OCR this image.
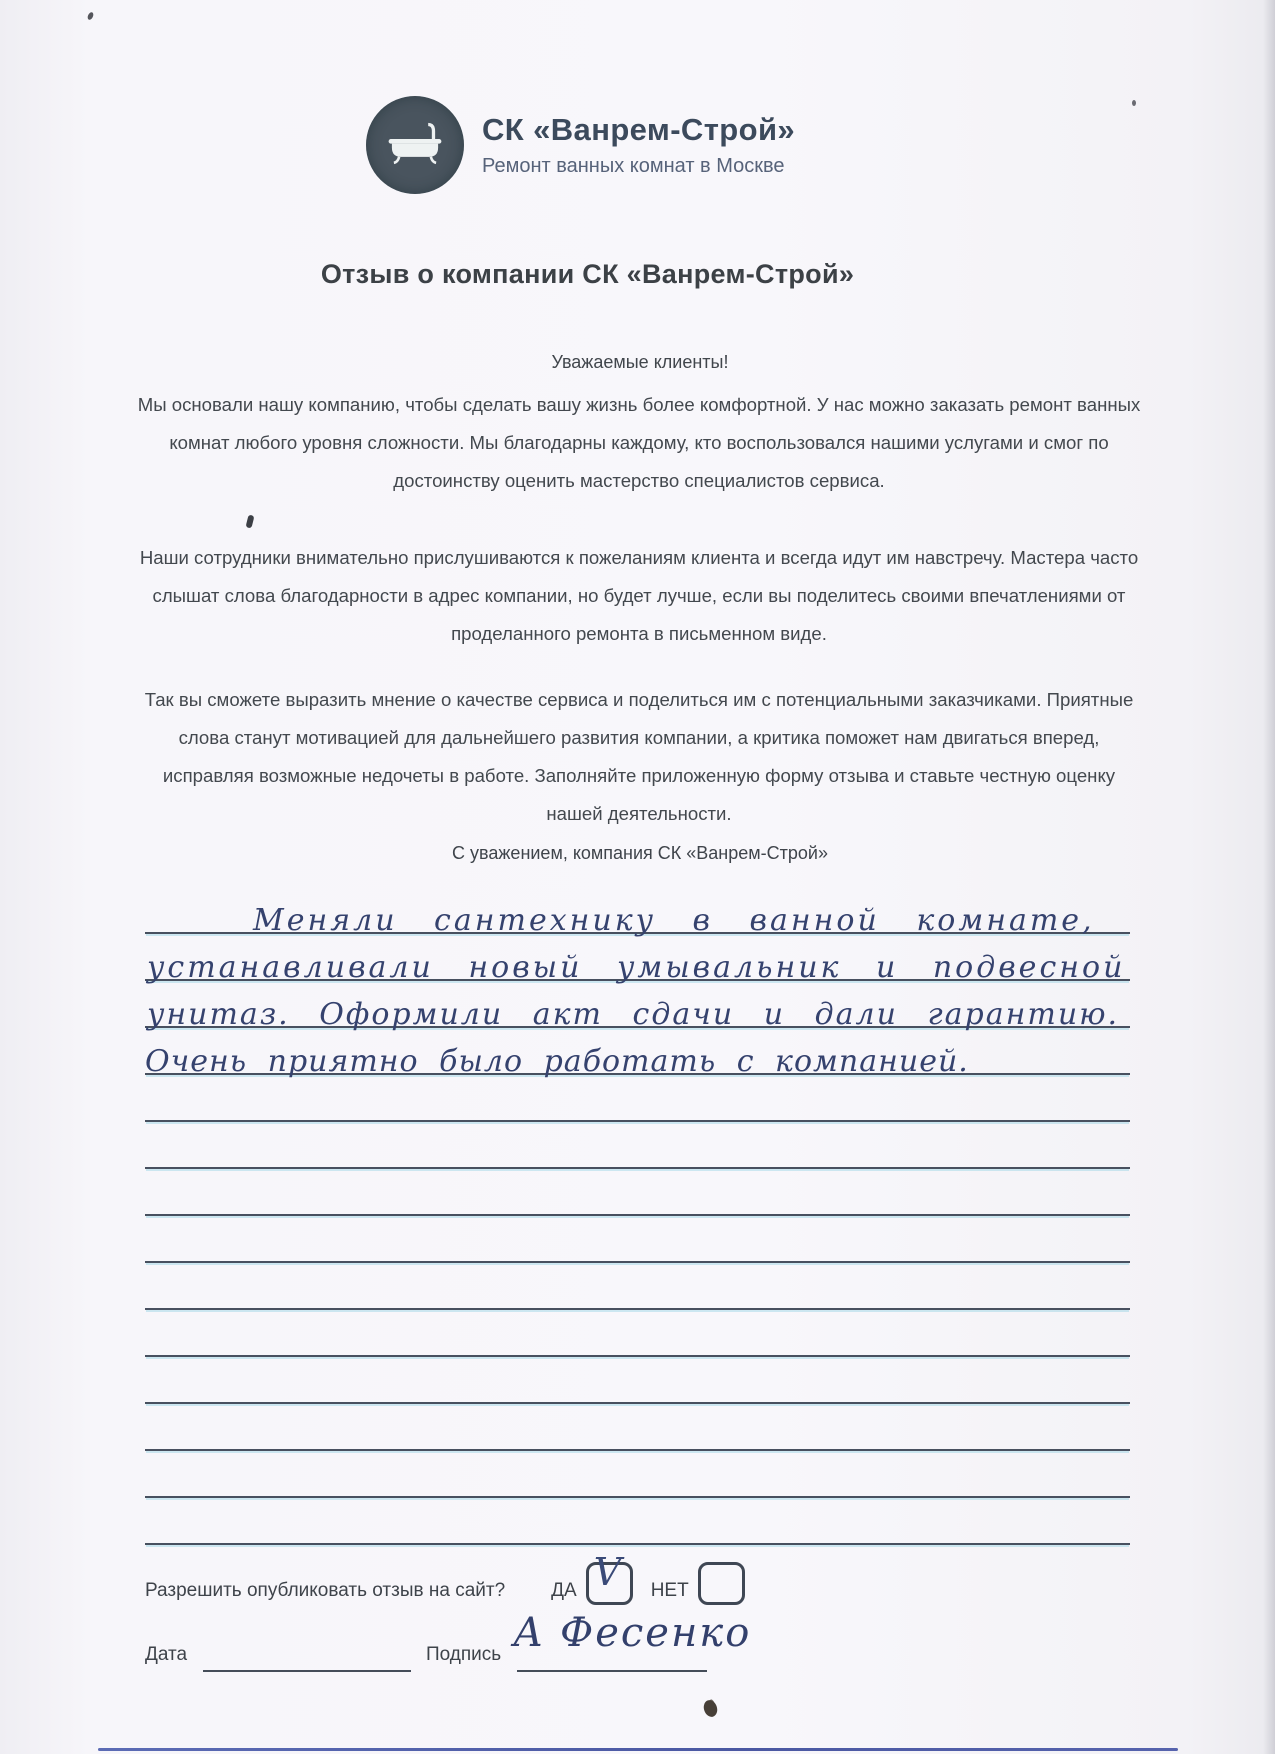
СК «Ванрем-Строй»
Ремонт ванных комнат в Москве
Отзыв о компании СК «Ванрем-Строй»
Уважаемые клиенты!
Мы основали нашу компанию, чтобы сделать вашу жизнь более комфортной. У нас можно заказать ремонт ванных комнат любого уровня сложности. Мы благодарны каждому, кто воспользовался нашими услугами и смог по достоинству оценить мастерство специалистов сервиса.
Наши сотрудники внимательно прислушиваются к пожеланиям клиента и всегда идут им навстречу. Мастера часто слышат слова благодарности в адрес компании, но будет лучше, если вы поделитесь своими впечатлениями от проделанного ремонта в письменном виде.
Так вы сможете выразить мнение о качестве сервиса и поделиться им с потенциальными заказчиками. Приятные слова станут мотивацией для дальнейшего развития компании, а критика поможет нам двигаться вперед, исправляя возможные недочеты в работе. Заполняйте приложенную форму отзыва и ставьте честную оценку нашей деятельности.
С уважением, компания СК «Ванрем-Строй»
Меняли сантехнику в ванной комнате,
устанавливали новый умывальник и подвесной
унитаз. Оформили акт сдачи и дали гарантию.
Очень приятно было работать с компанией.
Разрешить опубликовать отзыв на сайт? ДА V НЕТ
Дата	Подпись А Фесенко
